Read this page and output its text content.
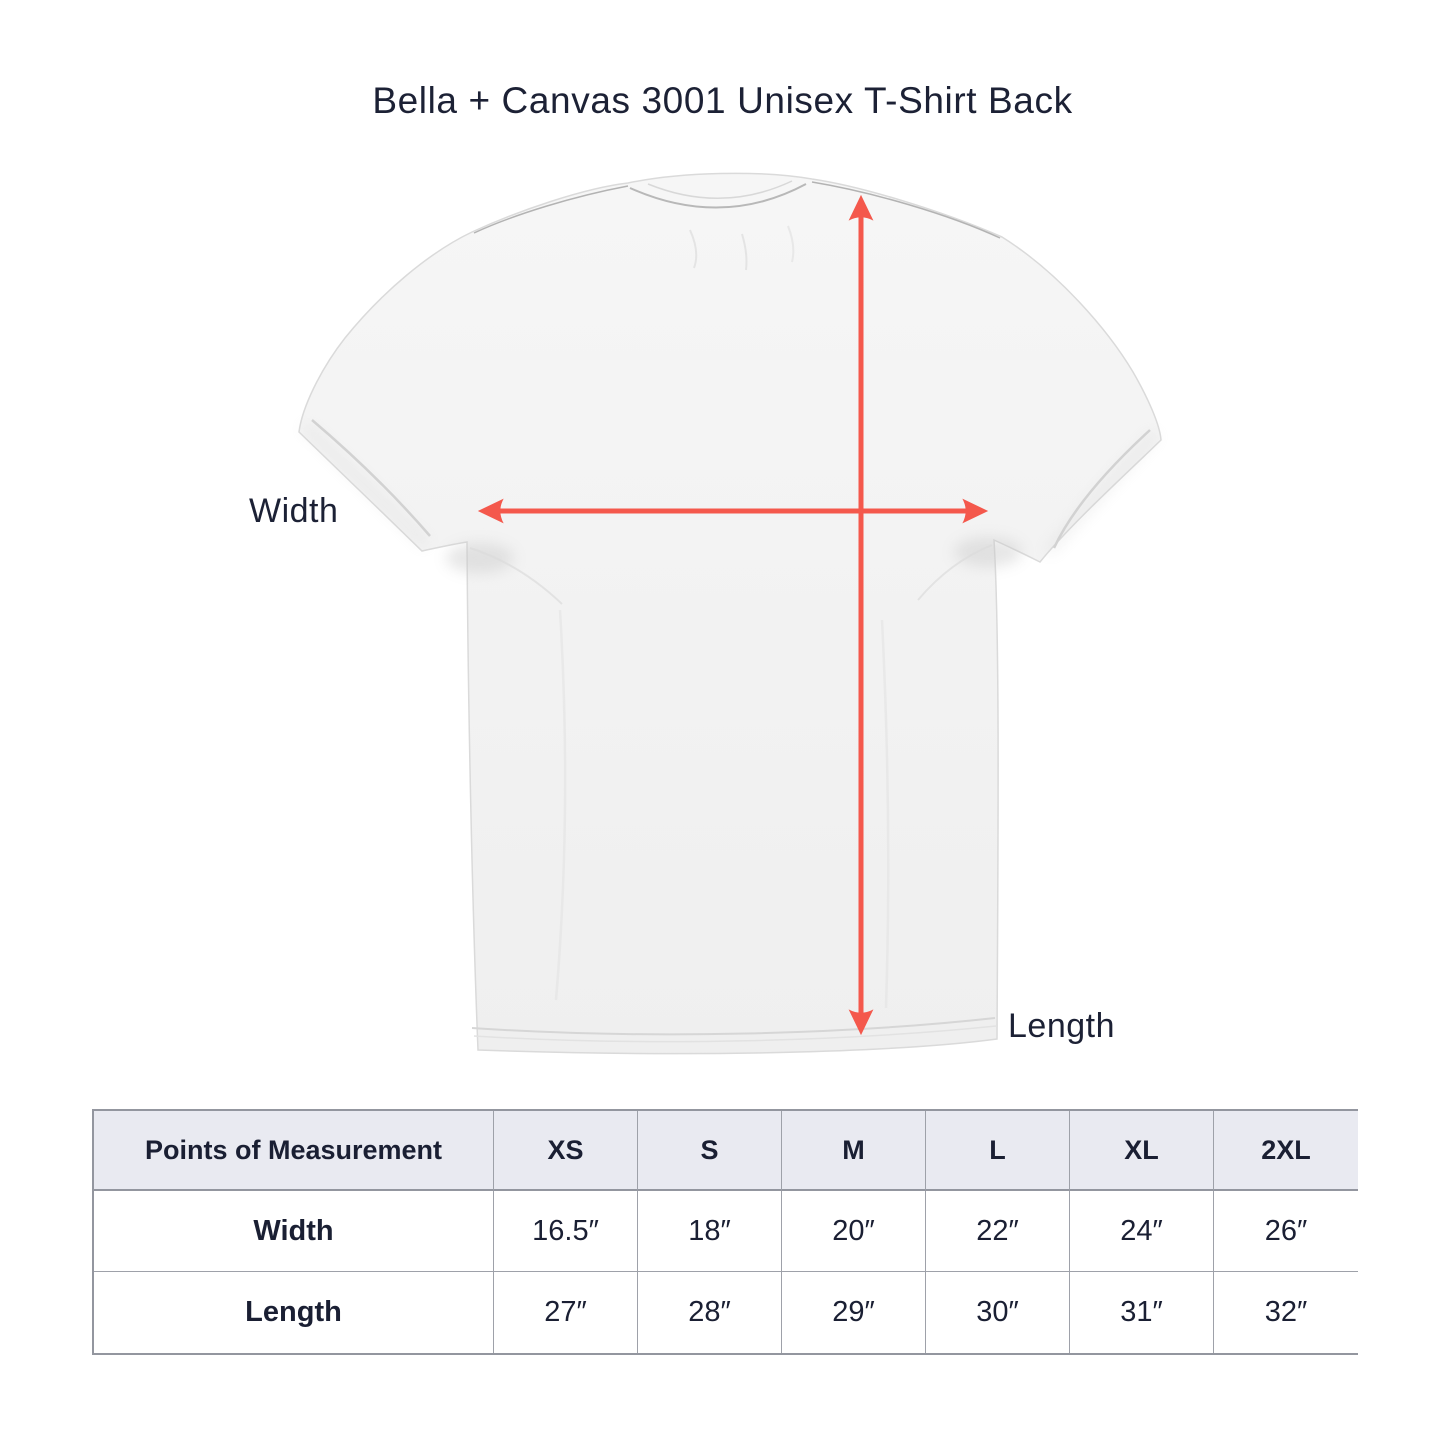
Bella + Canvas 3001 Unisex T-Shirt Back
Width
Length
Points of Measurement	XS	S	M	L	XL	2XL
Width	16.5″	18″	20″	22″	24″	26″
Length	27″	28″	29″	30″	31″	32″
